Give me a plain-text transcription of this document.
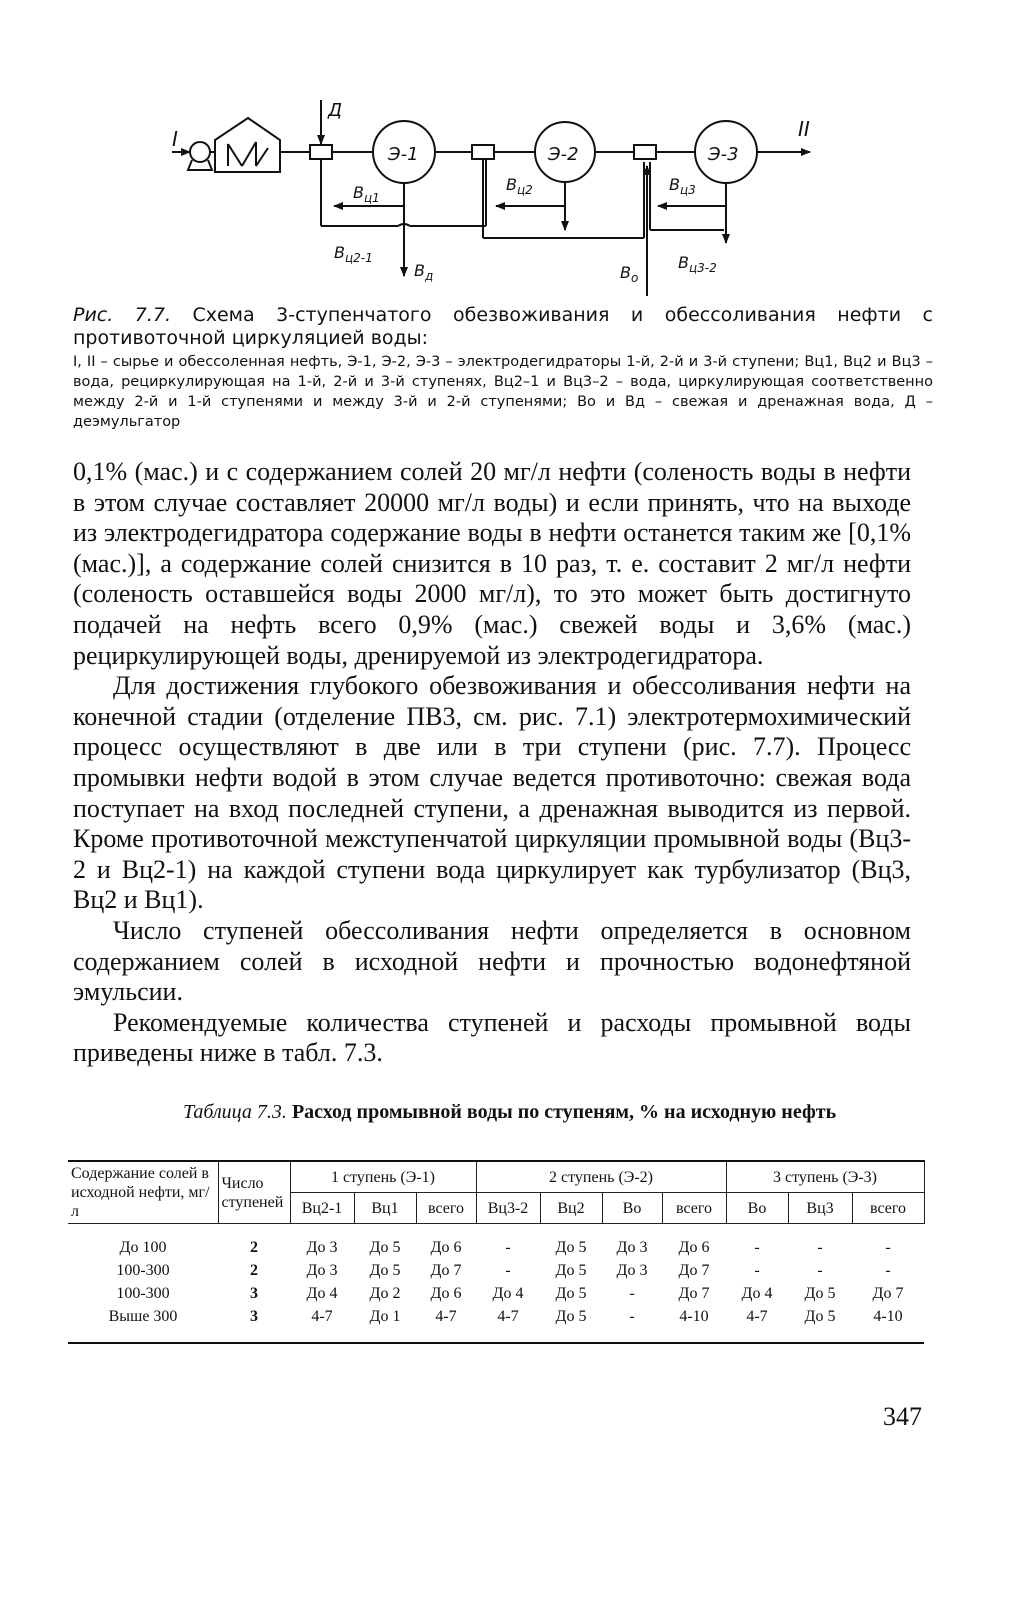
I	II
Д
Э-1	Э-2	Э-3
$В_{ц1}$
$В_{ц2}$	$В_{ц3}$
$В_{ц2-1}$
$В_д$	$В_о$
$В_{ц3-2}$
Рис. 7.7. Схема 3-ступенчатого обезвоживания и обессоливания нефти с противоточной циркуляцией воды:

I, II – сырье и обессоленная нефть, Э-1, Э-2, Э-3 – электродегидраторы 1-й, 2-й и 3-й ступени; Вц1, Вц2 и Вц3 – вода, рециркулирующая на 1-й, 2-й и 3-й ступенях, Вц2–1 и Вц3–2 – вода, циркулирующая соответственно между 2-й и 1-й ступенями и между 3-й и 2-й ступенями; Вo и Вд – свежая и дренажная вода, Д – деэмульгатор

0,1% (мас.) и с содержанием солей 20 мг/л нефти (соленость воды в нефти в этом случае составляет 20000 мг/л воды) и если принять, что на выходе из электродегидратора содержание воды в нефти останется таким же [0,1%(мас.)], а содержание солей снизится в 10 раз, т. е. составит 2 мг/л нефти (соленость оставшейся воды 2000 мг/л), то это может быть достигнуто подачей на нефть всего 0,9% (мас.) свежей воды и 3,6% (мас.) рециркулирующей воды, дренируемой из электродегидратора.

Для достижения глубокого обезвоживания и обессоливания нефти на конечной стадии (отделение ПВ3, см. рис. 7.1) электротермохимический процесс осуществляют в две или в три ступени (рис. 7.7). Процесс промывки нефти водой в этом случае ведется противоточно: свежая вода поступает на вход последней ступени, а дренажная выводится из первой. Кроме противоточной межступенчатой циркуляции промывной воды (Вц3-2 и Вц2-1) на каждой ступени вода циркулирует как турбулизатор (Вц3, Вц2 и Вц1).

Число ступеней обессоливания нефти определяется в основном содержанием солей в исходной нефти и прочностью водонефтяной эмульсии.

Рекомендуемые количества ступеней и расходы промывной воды приведены ниже в табл. 7.3.

Таблица 7.3. Расход промывной воды по ступеням, % на исходную нефть
Содержание солей в исходной нефти, мг/л	Число ступеней	1 ступень (Э-1)			2 ступень (Э-2)				3 ступень (Э-3)		
		Вц2-1	Вц1	всего	Вц3-2	Вц2	Вo	всего	Вo	Вц3	всего
До 100	2	До 3	До 5	До 6	-	До 5	До 3	До 6	-	-	-
100-300	2	До 3	До 5	До 7	-	До 5	До 3	До 7	-	-	-
100-300	3	До 4	До 2	До 6	До 4	До 5	-	До 7	До 4	До 5	До 7
Выше 300	3	4-7	До 1	4-7	4-7	До 5	-	4-10	4-7	До 5	4-10
347
